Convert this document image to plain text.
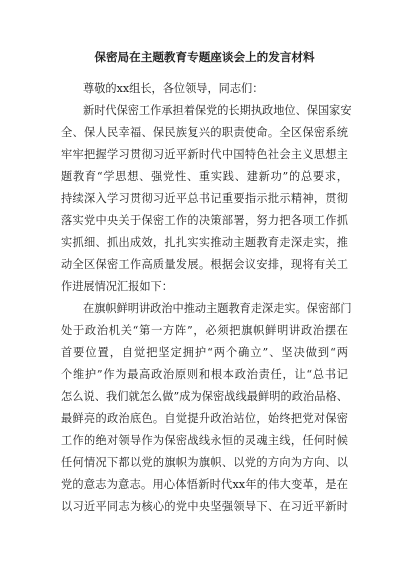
保密局在主题教育专题座谈会上的发言材料
尊敬的xx组长，各位领导，同志们：
新时代保密工作承担着保党的长期执政地位、保国家安
全、保人民幸福、保民族复兴的职责使命。全区保密系统
牢牢把握学习贯彻习近平新时代中国特色社会主义思想主
题教育“学思想、强党性、重实践、建新功”的总要求，
持续深入学习贯彻习近平总书记重要指示批示精神，贯彻
落实党中央关于保密工作的决策部署，努力把各项工作抓
实抓细、抓出成效，扎扎实实推动主题教育走深走实，推
动全区保密工作高质量发展。根据会议安排，现将有关工
作进展情况汇报如下：
在旗帜鲜明讲政治中推动主题教育走深走实。保密部门
处于政治机关“第一方阵”，必须把旗帜鲜明讲政治摆在
首要位置，自觉把坚定拥护“两个确立”、坚决做到“两
个维护”作为最高政治原则和根本政治责任，让“总书记
怎么说、我们就怎么做”成为保密战线最鲜明的政治品格、
最鲜亮的政治底色。自觉提升政治站位，始终把党对保密
工作的绝对领导作为保密战线永恒的灵魂主线，任何时候
任何情况下都以党的旗帜为旗帜、以党的方向为方向、以
党的意志为意志。用心体悟新时代xx年的伟大变革，是在
以习近平同志为核心的党中央坚强领导下、在习近平新时
